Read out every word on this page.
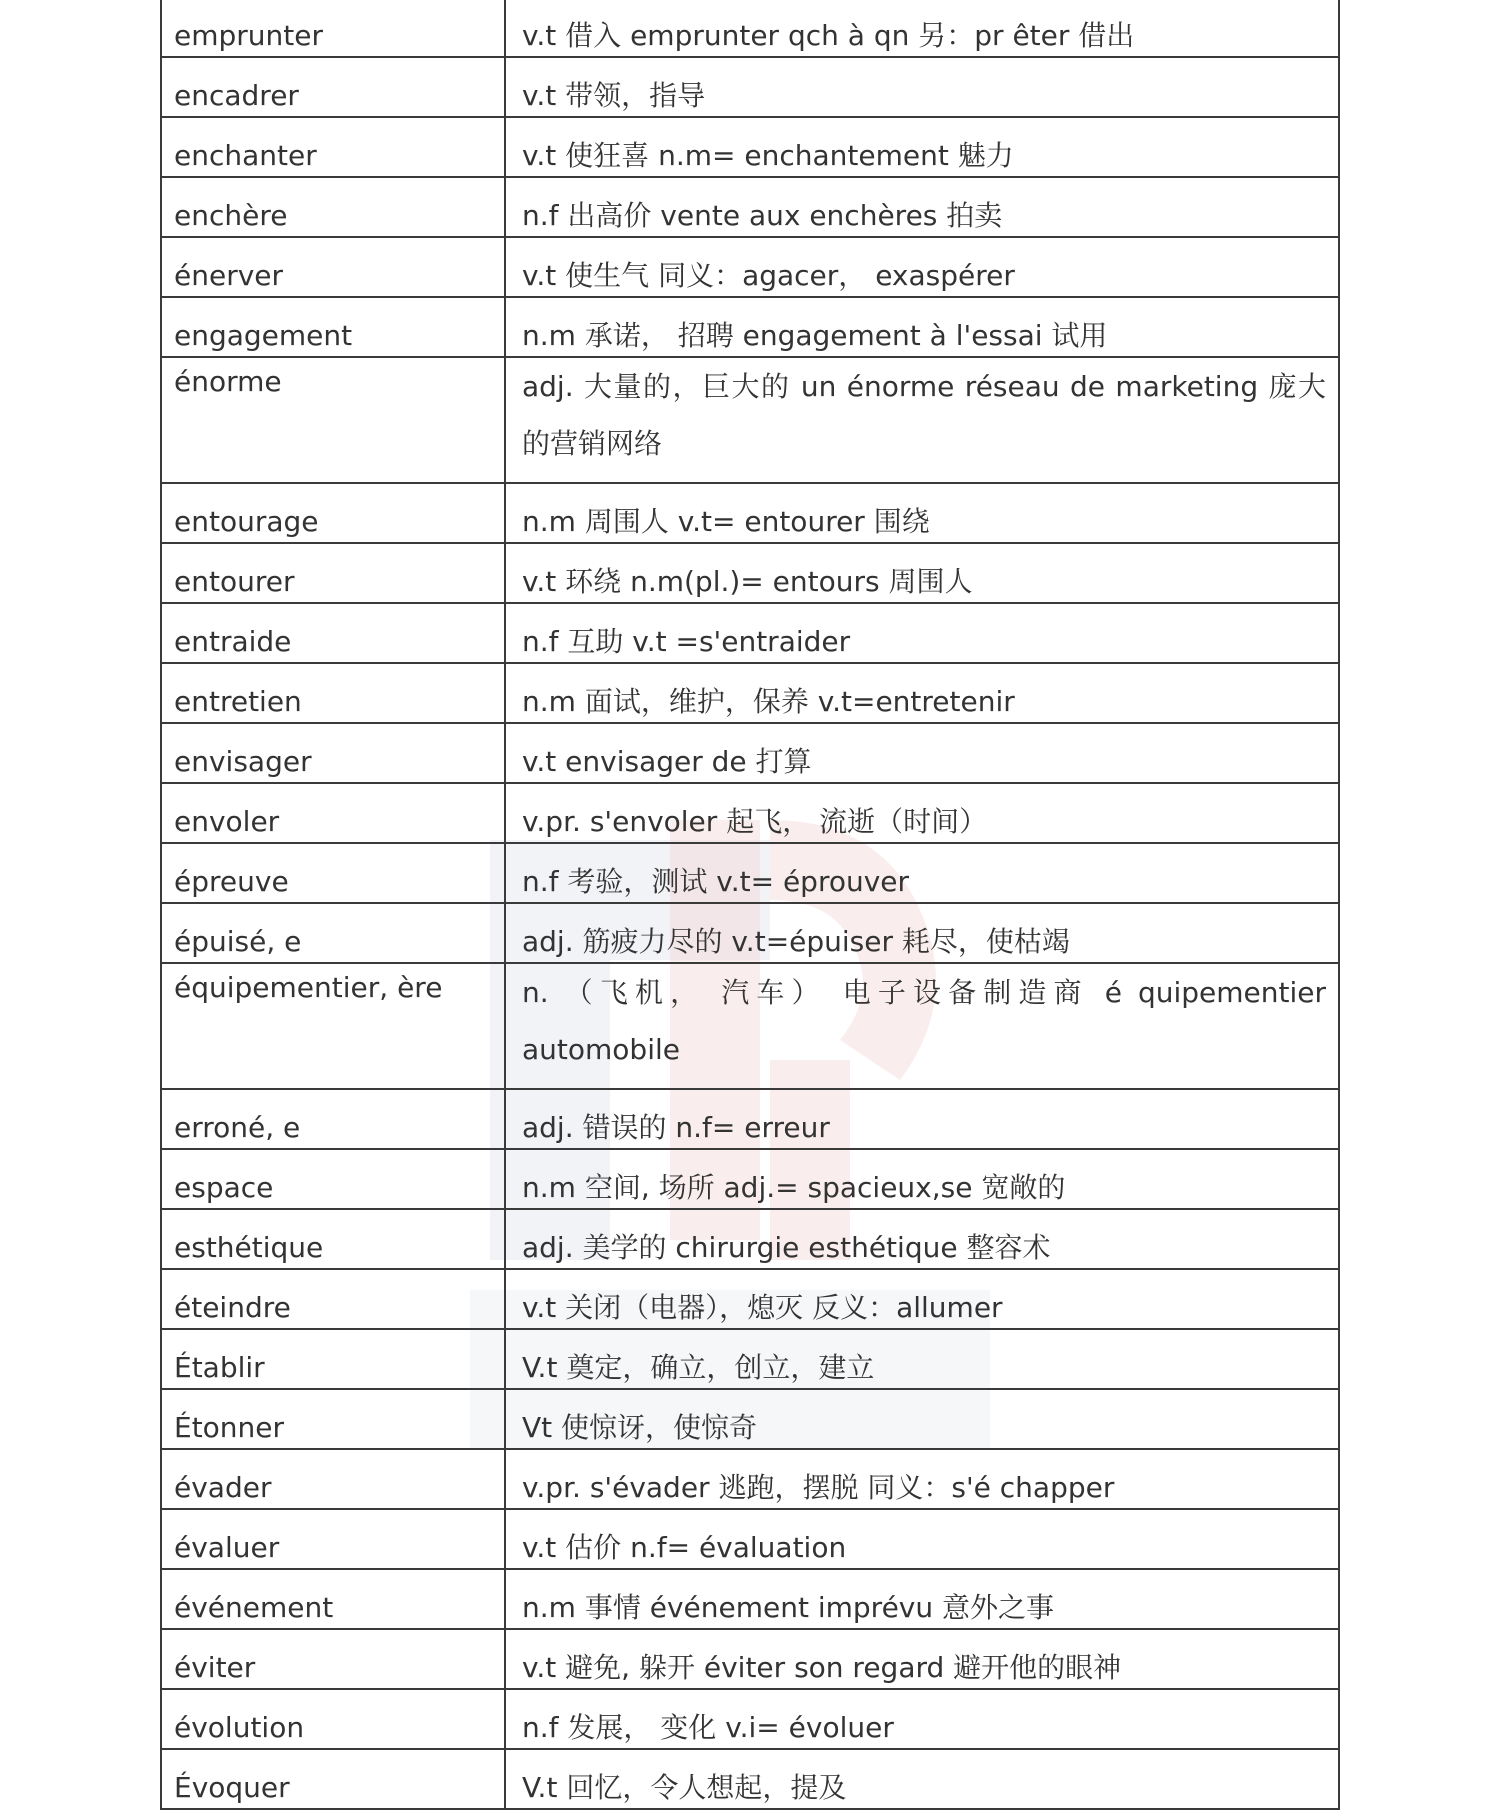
emprunter	v.t 借入 emprunter qch à qn 另：pr êter 借出
encadrer	v.t 带领，指导
enchanter	v.t 使狂喜 n.m= enchantement 魅力
enchère	n.f 出高价 vente aux enchères 拍卖
énerver	v.t 使生气 同义：agacer， exaspérer
engagement	n.m 承诺， 招聘 engagement à l'essai 试用
énorme	adj. 大量的，巨大的 un énorme réseau de marketing 庞大的营销网络
entourage	n.m 周围人 v.t= entourer 围绕
entourer	v.t 环绕 n.m(pl.)= entours 周围人
entraide	n.f 互助 v.t =s'entraider
entretien	n.m 面试，维护，保养 v.t=entretenir
envisager	v.t envisager de 打算
envoler	v.pr. s'envoler 起飞， 流逝（时间）
épreuve	n.f 考验，测试 v.t= éprouver
épuisé, e	adj. 筋疲力尽的 v.t=épuiser 耗尽，使枯竭
équipementier, ère	n. （飞机， 汽车） 电子设备制造商 é quipementier automobile
erroné, e	adj. 错误的 n.f= erreur
espace	n.m 空间, 场所 adj.= spacieux,se 宽敞的
esthétique	adj. 美学的 chirurgie esthétique 整容术
éteindre	v.t 关闭（电器），熄灭 反义：allumer
Établir	V.t 奠定，确立，创立，建立
Étonner	Vt 使惊讶，使惊奇
évader	v.pr. s'évader 逃跑，摆脱 同义：s'é chapper
évaluer	v.t 估价 n.f= évaluation
événement	n.m 事情 événement imprévu 意外之事
éviter	v.t 避免, 躲开 éviter son regard 避开他的眼神
évolution	n.f 发展， 变化 v.i= évoluer
Évoquer	V.t 回忆，令人想起，提及
